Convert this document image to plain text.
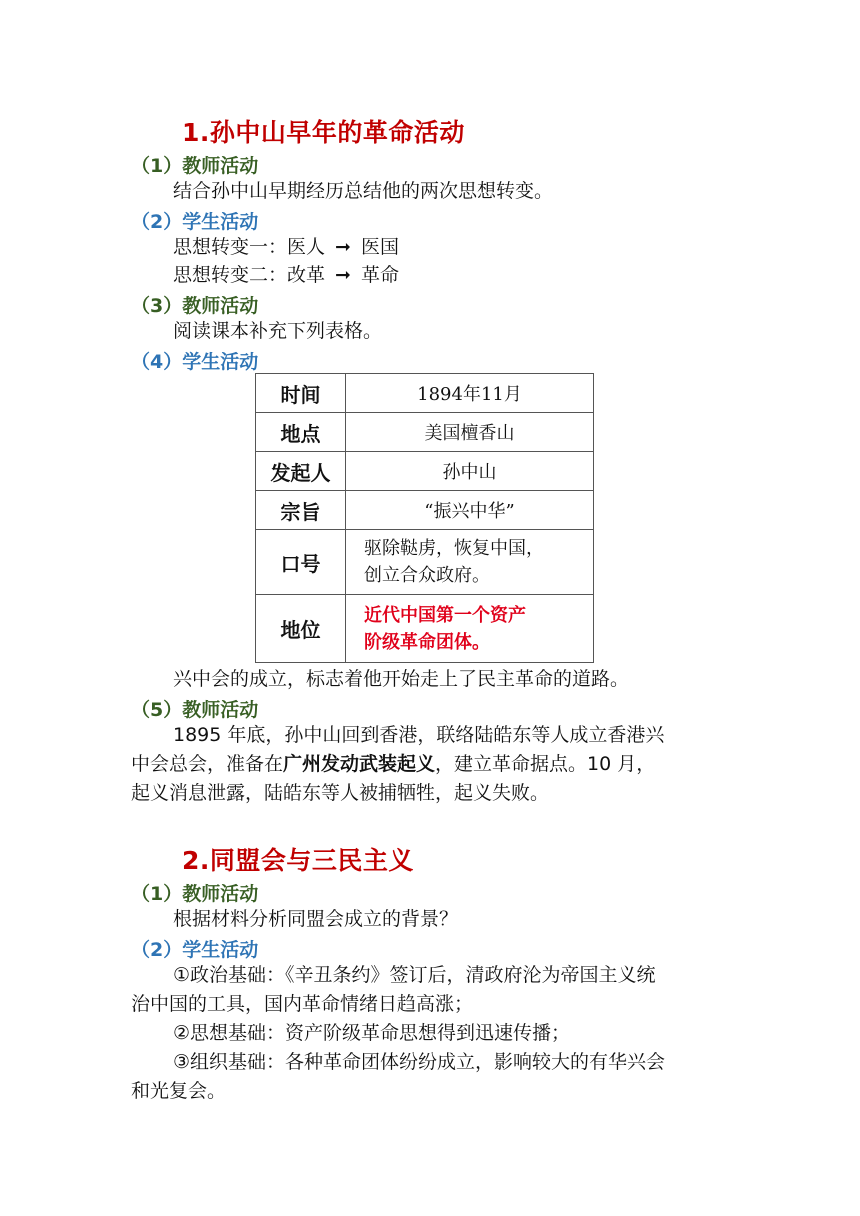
1.孙中山早年的革命活动
（1）教师活动
结合孙中山早期经历总结他的两次思想转变。
（2）学生活动
思想转变一：医人 ➞ 医国
思想转变二：改革 ➞ 革命
（3）教师活动
阅读课本补充下列表格。
（4）学生活动
时间	1894年11月
地点	美国檀香山
发起人	孙中山
宗旨	“振兴中华”
口号	驱除鞑虏，恢复中国，
创立合众政府。

地位	近代中国第一个资产
阶级革命团体。
兴中会的成立，标志着他开始走上了民主革命的道路。
（5）教师活动
1895 年底，孙中山回到香港，联络陆皓东等人成立香港兴
中会总会，准备在广州发动武装起义，建立革命据点。10 月，
起义消息泄露，陆皓东等人被捕牺牲，起义失败。
2.同盟会与三民主义
（1）教师活动
根据材料分析同盟会成立的背景？
（2）学生活动
①政治基础：《辛丑条约》签订后，清政府沦为帝国主义统
治中国的工具，国内革命情绪日趋高涨；
②思想基础：资产阶级革命思想得到迅速传播；
③组织基础：各种革命团体纷纷成立，影响较大的有华兴会
和光复会。
